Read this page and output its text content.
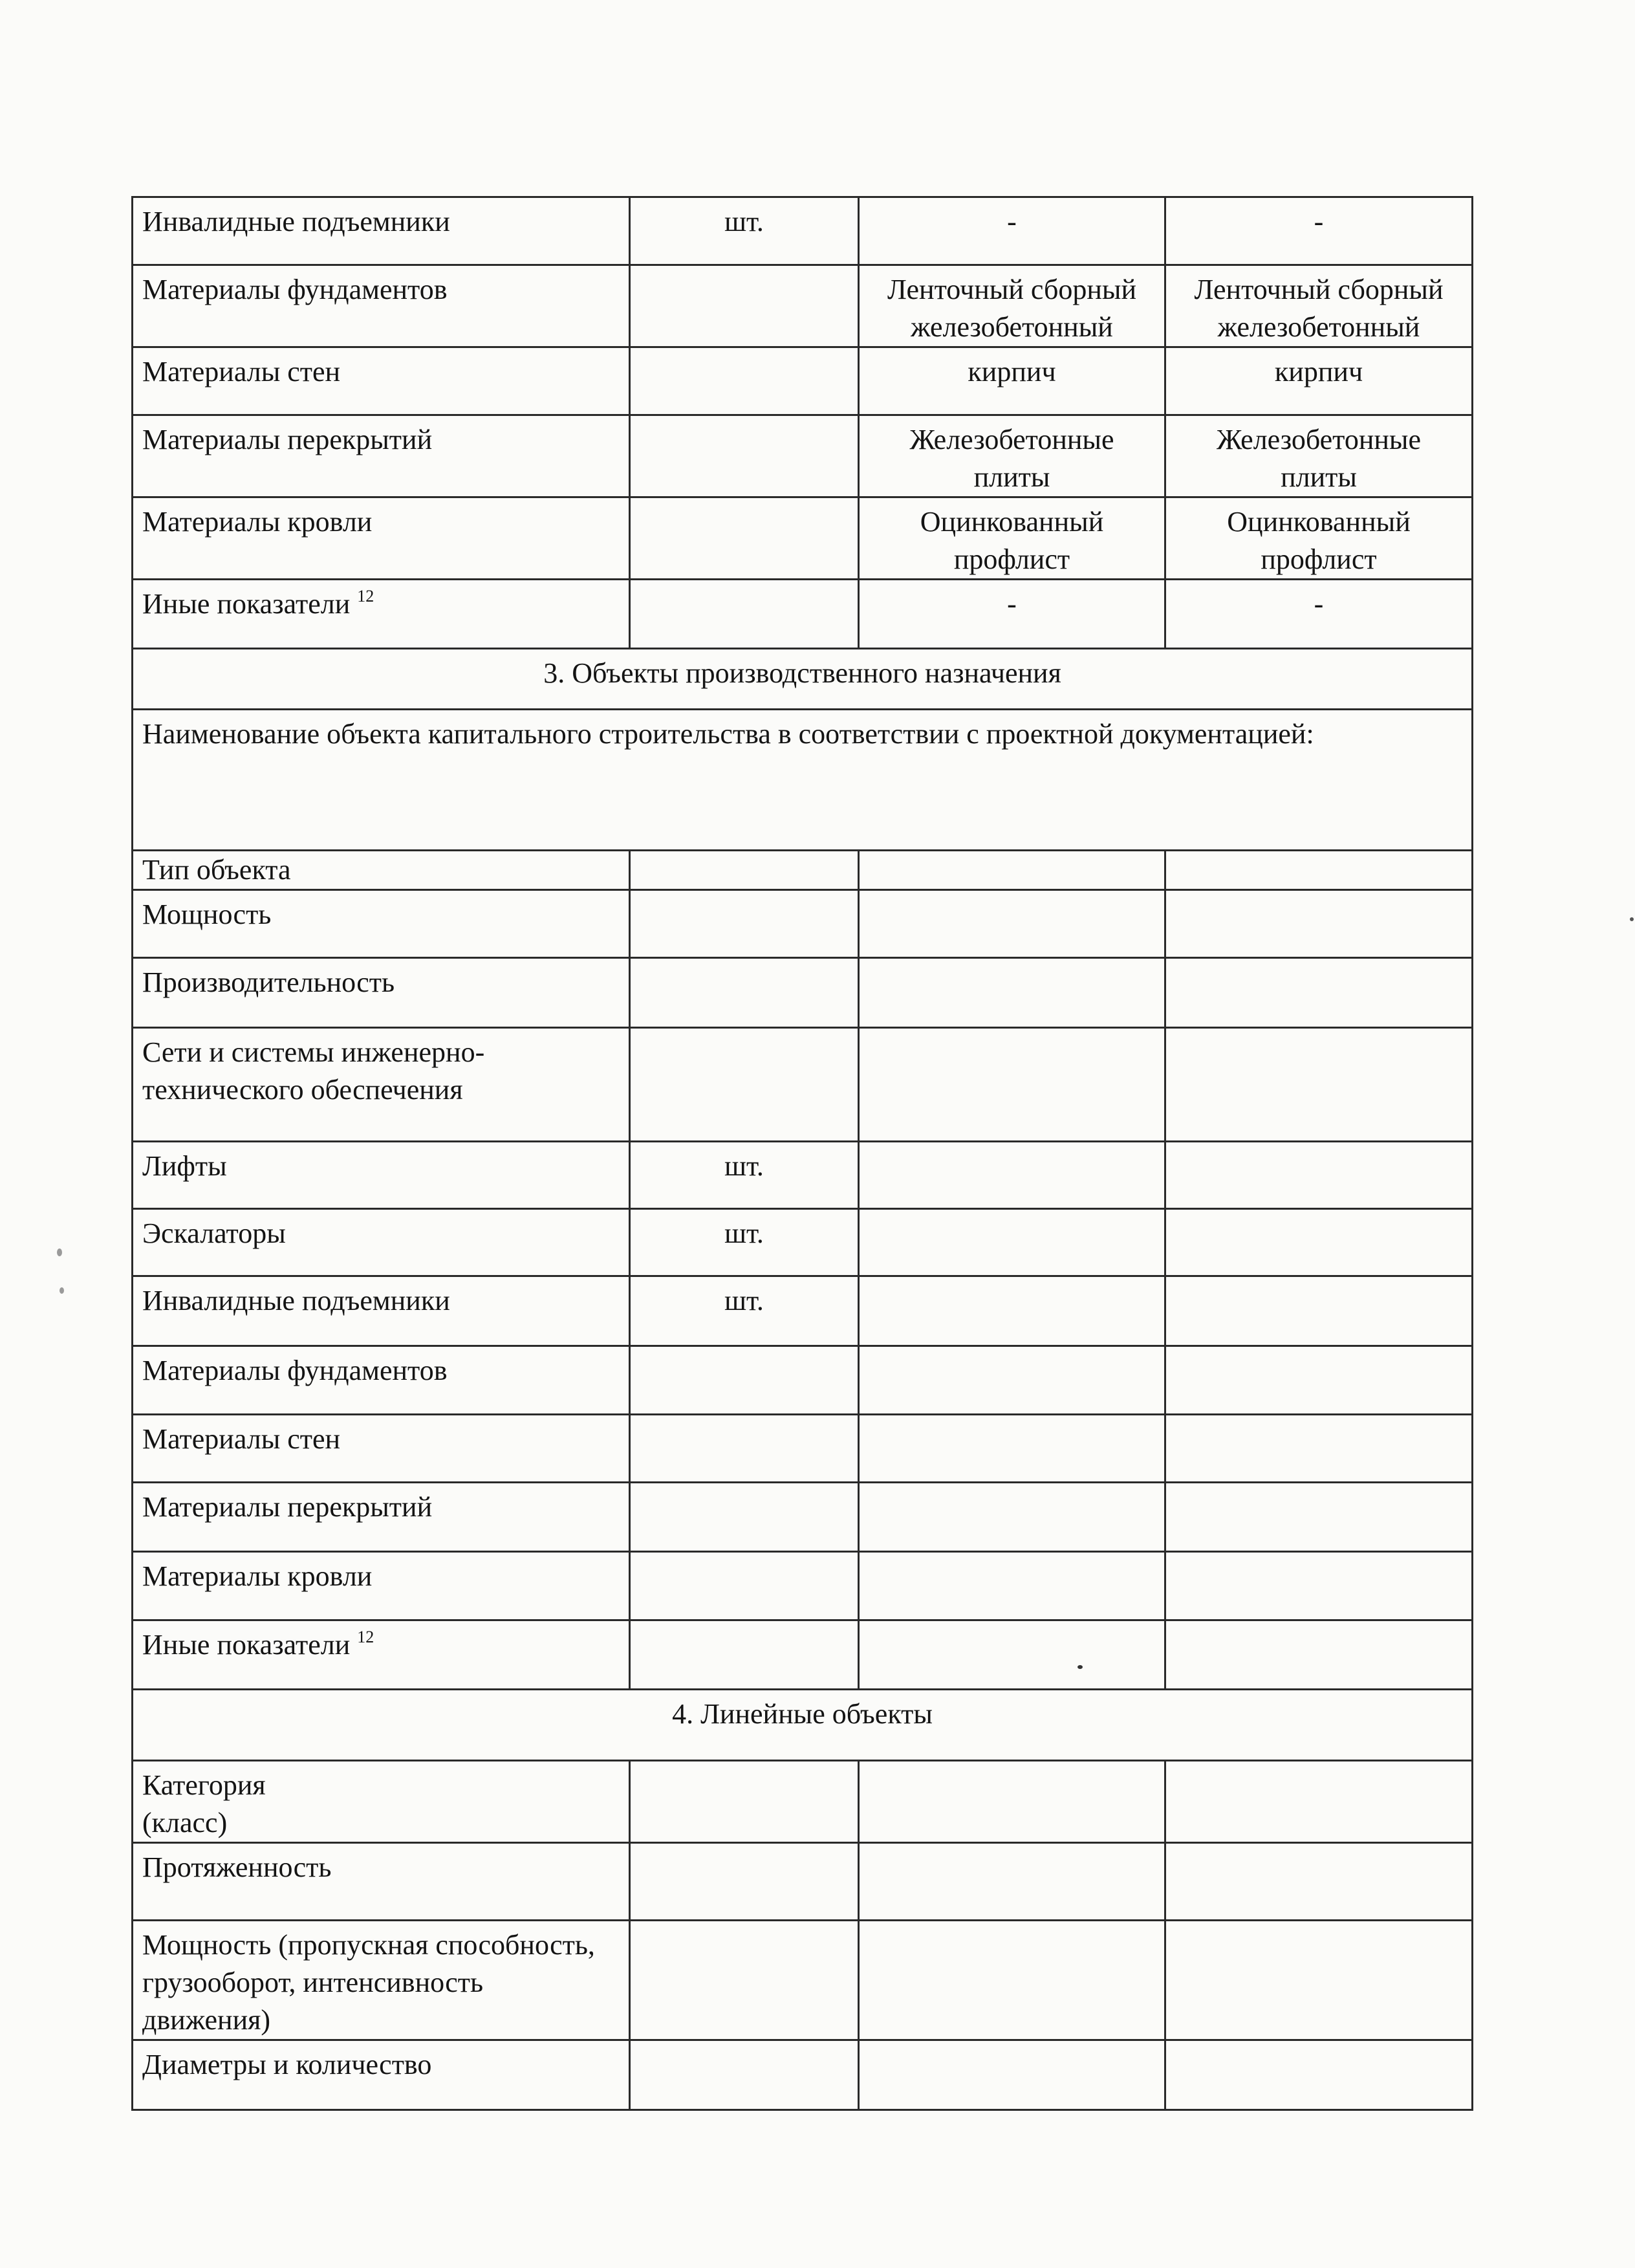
Инвалидные подъемники	шт.	-	-
Материалы фундаментов		Ленточный сборный железобетонный	Ленточный сборный железобетонный
Материалы стен		кирпич	кирпич
Материалы перекрытий		Железобетонные плиты	Железобетонные плиты
Материалы кровли		Оцинкованный профлист	Оцинкованный профлист
Иные показатели $^{12}$		-	-
3. Объекты производственного назначения			
Наименование объекта капитального строительства в соответствии с проектной документацией:			
Тип объекта			
Мощность			
Производительность			
Сети и системы инженерно-технического обеспечения			
Лифты	шт.		
Эскалаторы	шт.		
Инвалидные подъемники	шт.		
Материалы фундаментов			
Материалы стен			
Материалы перекрытий			
Материалы кровли			
Иные показатели $^{12}$			
4. Линейные объекты			
Категория (класс)			
Протяженность			
Мощность (пропускная способность, грузооборот, интенсивность движения)			
Диаметры и количество			
